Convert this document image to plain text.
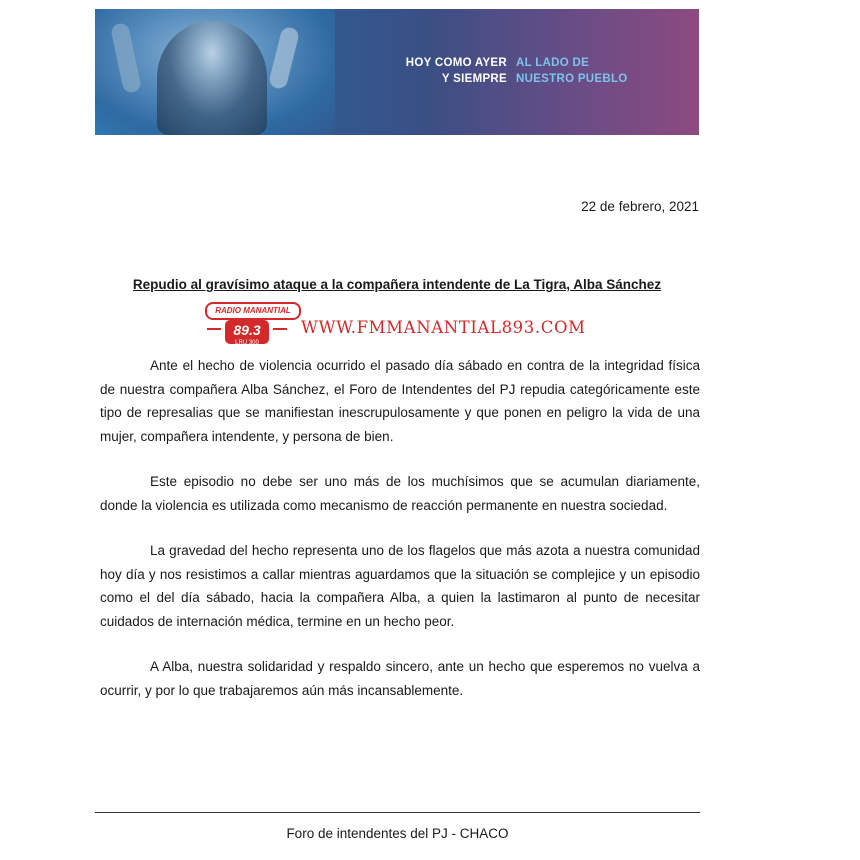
HOY COMO AYER
Y SIEMPRE
AL LADO DE
NUESTRO PUEBLO
22 de febrero, 2021
Repudio al gravísimo ataque a la compañera intendente de La Tigra, Alba Sánchez
RADIO MANANTIAL
89.3
LRU 300
WWW.FMMANANTIAL893.COM

Ante el hecho de violencia ocurrido el pasado día sábado en contra de la integridad física de nuestra compañera Alba Sánchez, el Foro de Intendentes del PJ repudia categóricamente este tipo de represalias que se manifiestan inescrupulosamente y que ponen en peligro la vida de una mujer, compañera intendente, y persona de bien.

Este episodio no debe ser uno más de los muchísimos que se acumulan diariamente, donde la violencia es utilizada como mecanismo de reacción permanente en nuestra sociedad.

La gravedad del hecho representa uno de los flagelos que más azota a nuestra comunidad hoy día y nos resistimos a callar mientras aguardamos que la situación se complejice y un episodio como el del día sábado, hacia la compañera Alba, a quien la lastimaron al punto de necesitar cuidados de internación médica, termine en un hecho peor.

A Alba, nuestra solidaridad y respaldo sincero, ante un hecho que esperemos no vuelva a ocurrir, y por lo que trabajaremos aún más incansablemente.

Foro de intendentes del PJ - CHACO
